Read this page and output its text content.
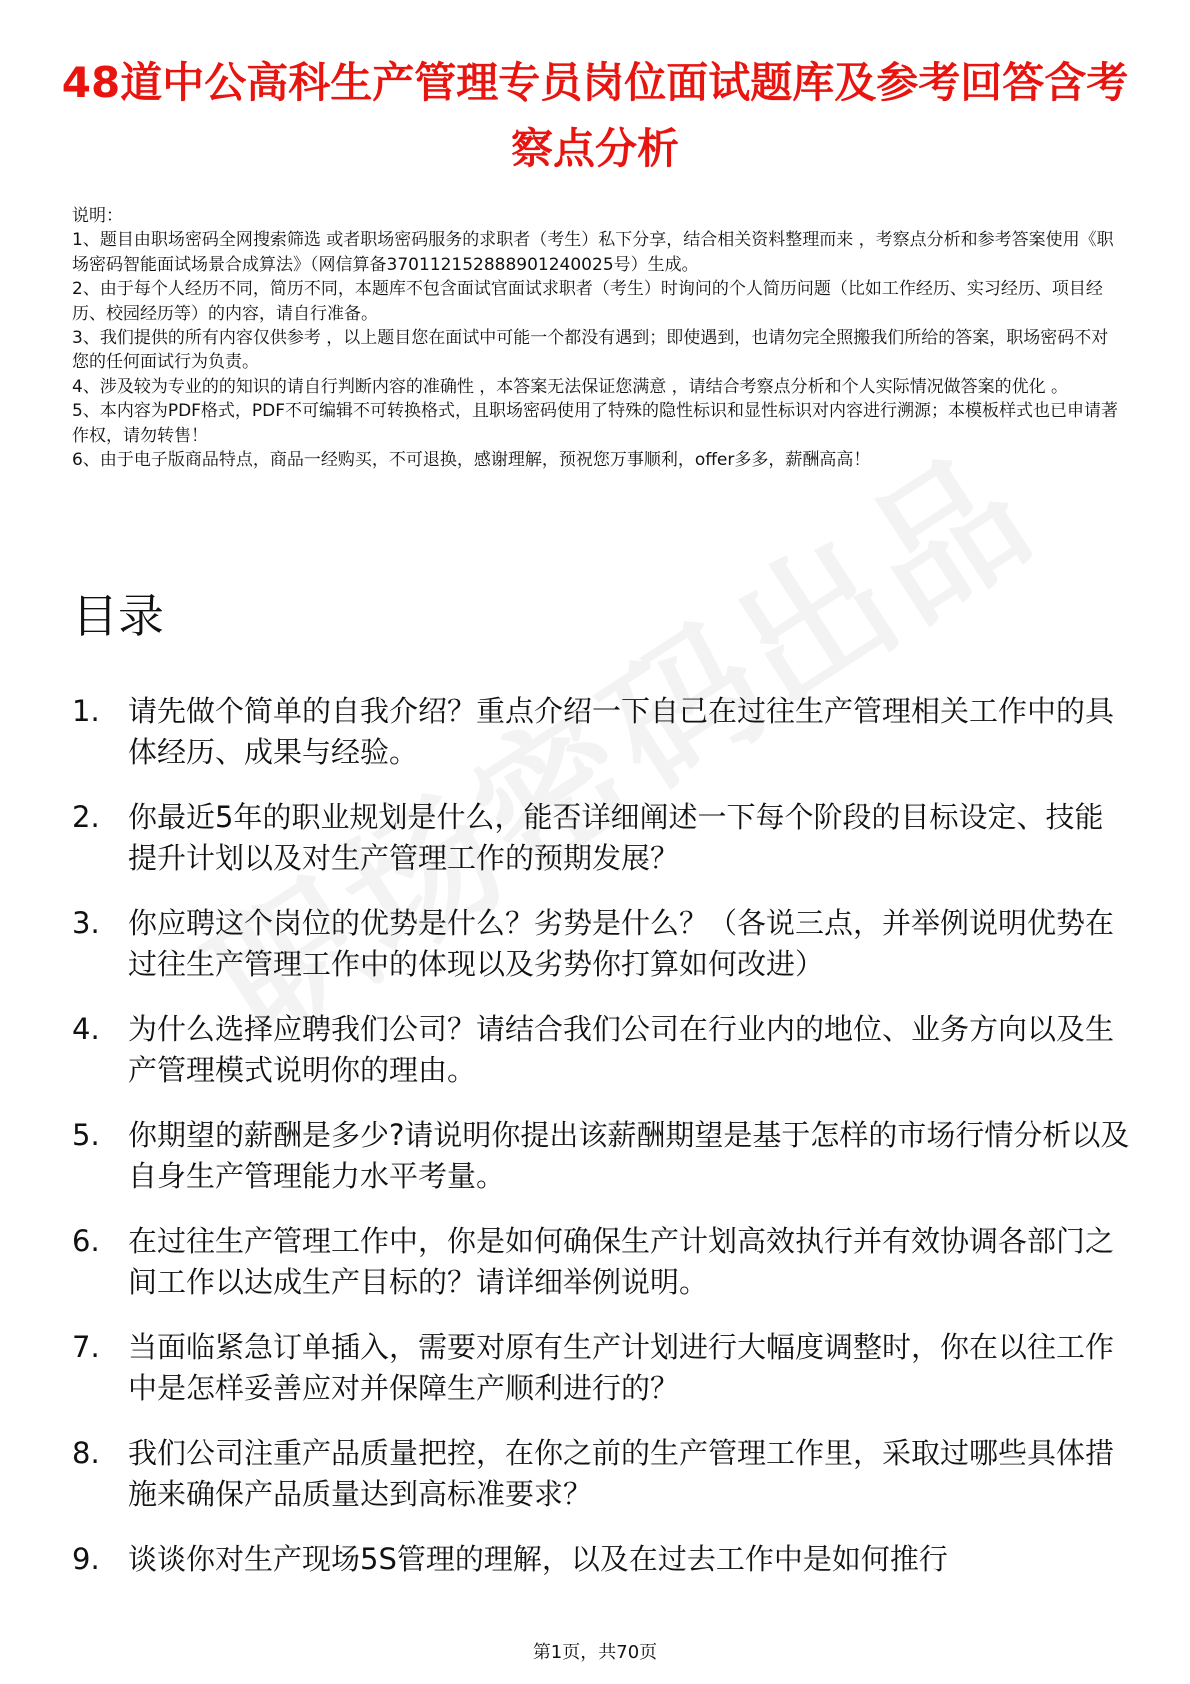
48道中公高科生产管理专员岗位面试题库及参考回答含考察点分析

说明：

1、题目由职场密码全网搜索筛选 或者职场密码服务的求职者（考生）私下分享，结合相关资料整理而来 ，考察点分析和参考答案使用《职场密码智能面试场景合成算法》（网信算备370112152888901240025号）生成。

2、由于每个人经历不同，简历不同，本题库不包含面试官面试求职者（考生）时询问的个人简历问题（比如工作经历、实习经历、项目经历、校园经历等）的内容，请自行准备。

3、我们提供的所有内容仅供参考 ，以上题目您在面试中可能一个都没有遇到；即使遇到，也请勿完全照搬我们所给的答案，职场密码不对您的任何面试行为负责。

4、涉及较为专业的的知识的请自行判断内容的准确性 ，本答案无法保证您满意 ，请结合考察点分析和个人实际情况做答案的优化 。

5、本内容为PDF格式，PDF不可编辑不可转换格式，且职场密码使用了特殊的隐性标识和显性标识对内容进行溯源；本模板样式也已申请著作权，请勿转售！

6、由于电子版商品特点，商品一经购买，不可退换，感谢理解，预祝您万事顺利，offer多多，薪酬高高！

目录
1. 请先做个简单的自我介绍？重点介绍一下自己在过往生产管理相关工作中的具体经历、成果与经验。
2. 你最近5年的职业规划是什么，能否详细阐述一下每个阶段的目标设定、技能提升计划以及对生产管理工作的预期发展？
3. 你应聘这个岗位的优势是什么？劣势是什么？（各说三点，并举例说明优势在过往生产管理工作中的体现以及劣势你打算如何改进）
4. 为什么选择应聘我们公司？请结合我们公司在行业内的地位、业务方向以及生产管理模式说明你的理由。
5. 你期望的薪酬是多少?请说明你提出该薪酬期望是基于怎样的市场行情分析以及自身生产管理能力水平考量。
6. 在过往生产管理工作中，你是如何确保生产计划高效执行并有效协调各部门之间工作以达成生产目标的？请详细举例说明。
7. 当面临紧急订单插入，需要对原有生产计划进行大幅度调整时，你在以往工作中是怎样妥善应对并保障生产顺利进行的？
8. 我们公司注重产品质量把控，在你之前的生产管理工作里，采取过哪些具体措施来确保产品质量达到高标准要求？
9. 谈谈你对生产现场5S管理的理解，以及在过去工作中是如何推行
第1页，共70页
